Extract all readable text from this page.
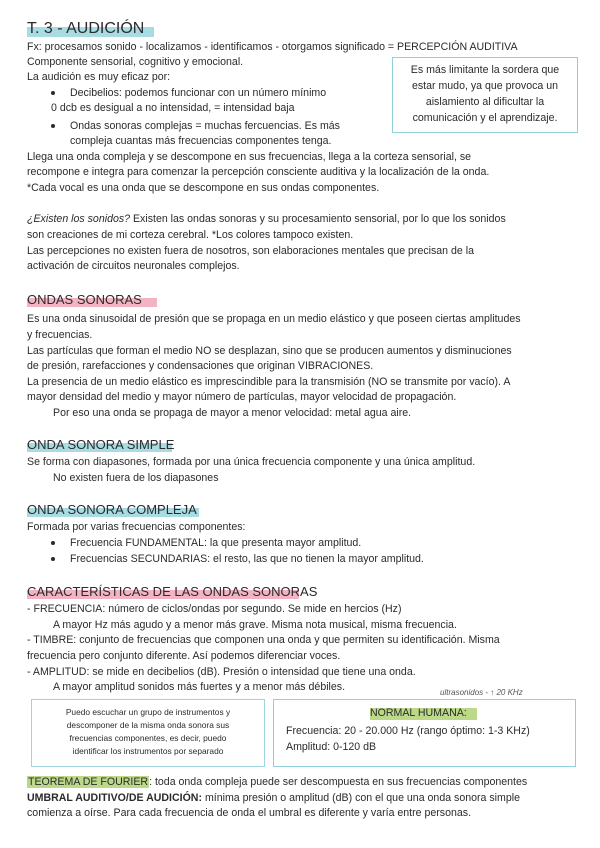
T. 3 - AUDICIÓN
Fx: procesamos sonido - localizamos - identificamos - otorgamos significado = PERCEPCIÓN AUDITIVA
Componente sensorial, cognitivo y emocional.
La audición es muy eficaz por:
Decibelios: podemos funcionar con un número mínimo
0 dcb es desigual a no intensidad, = intensidad baja
Ondas sonoras complejas = muchas fercuencias. Es más
compleja cuantas más frecuencias componentes tenga.
Llega una onda compleja y se descompone en sus frecuencias, llega a la corteza sensorial, se
recompone e integra para comenzar la percepción consciente auditiva y la localización de la onda.
*Cada vocal es una onda que se descompone en sus ondas componentes.
Es más limitante la sordera que
estar mudo, ya que provoca un
aislamiento al dificultar la
comunicación y el aprendizaje.
¿Existen los sonidos? Existen las ondas sonoras y su procesamiento sensorial, por lo que los sonidos
son creaciones de mi corteza cerebral. *Los colores tampoco existen.
Las percepciones no existen fuera de nosotros, son elaboraciones mentales que precisan de la
activación de circuitos neuronales complejos.
ONDAS SONORAS
Es una onda sinusoidal de presión que se propaga en un medio elástico y que poseen ciertas amplitudes
y frecuencias.
Las partículas que forman el medio NO se desplazan, sino que se producen aumentos y disminuciones
de presión, rarefacciones y condensaciones que originan VIBRACIONES.
La presencia de un medio elástico es imprescindible para la transmisión (NO se transmite por vacío). A
mayor densidad del medio y mayor número de partículas, mayor velocidad de propagación.
Por eso una onda se propaga de mayor a menor velocidad: metal agua aire.
ONDA SONORA SIMPLE
Se forma con diapasones, formada por una única frecuencia componente y una única amplitud.
No existen fuera de los diapasones
ONDA SONORA COMPLEJA
Formada por varias frecuencias componentes:
Frecuencia FUNDAMENTAL: la que presenta mayor amplitud.
Frecuencias SECUNDARIAS: el resto, las que no tienen la mayor amplitud.
CARACTERÍSTICAS DE LAS ONDAS SONORAS
- FRECUENCIA: número de ciclos/ondas por segundo. Se mide en hercios (Hz)
A mayor Hz más agudo y a menor más grave. Misma nota musical, misma frecuencia.
- TIMBRE: conjunto de frecuencias que componen una onda y que permiten su identificación. Misma
frecuencia pero conjunto diferente. Así podemos diferenciar voces.
- AMPLITUD: se mide en decibelios (dB). Presión o intensidad que tiene una onda.
A mayor amplitud sonidos más fuertes y a menor más débiles.	ultrasonidos - ↑ 20 KHz
Puedo escuchar un grupo de instrumentos y
descomponer de la misma onda sonora sus
frecuencias componentes, es decir, puedo
identificar los instrumentos por separado
NORMAL HUMANA:
Frecuencia: 20 - 20.000 Hz (rango óptimo: 1-3 KHz)
Amplitud: 0-120 dB
TEOREMA DE FOURIER: toda onda compleja puede ser descompuesta en sus frecuencias componentes
UMBRAL AUDITIVO/DE AUDICIÓN: mínima presión o amplitud (dB) con el que una onda sonora simple
comienza a oírse. Para cada frecuencia de onda el umbral es diferente y varía entre personas.
